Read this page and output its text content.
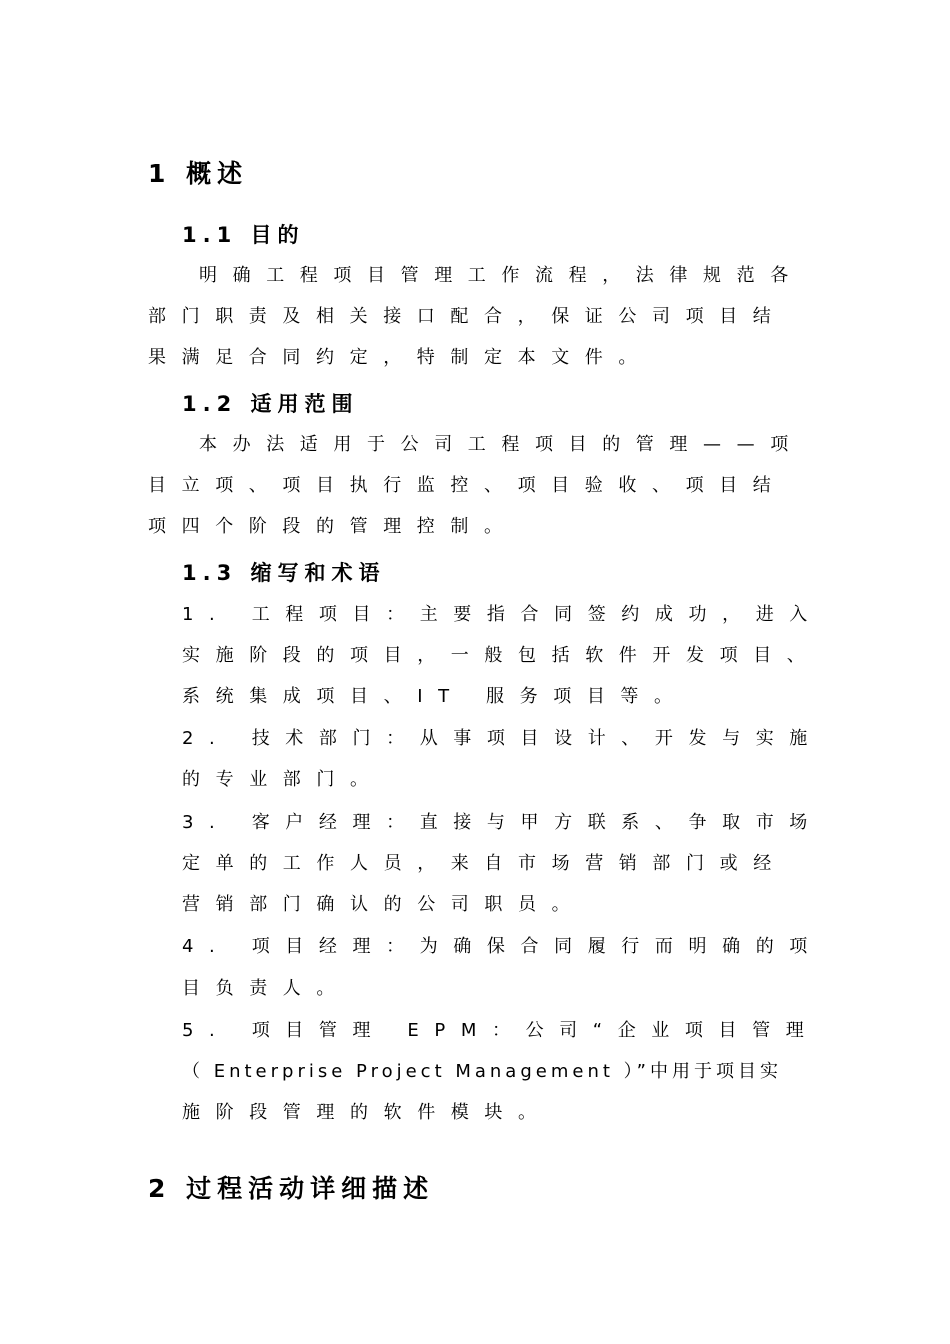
1 概述
1.1 目的
明确工程项目管理工作流程，法律规范各
部门职责及相关接口配合，保证公司项目结
果满足合同约定，特制定本文件。
1.2 适用范围
本办法适用于公司工程项目的管理——项
目立项、项目执行监控、项目验收、项目结
项四个阶段的管理控制。
1.3 缩写和术语
1. 工程项目：主要指合同签约成功，进入
实施阶段的项目，一般包括软件开发项目、
系统集成项目、IT 服务项目等。
2. 技术部门：从事项目设计、开发与实施
的专业部门。
3. 客户经理：直接与甲方联系、争取市场
定单的工作人员，来自市场营销部门或经
营销部门确认的公司职员。
4. 项目经理：为确保合同履行而明确的项
目负责人。
5. 项目管理 EPM：公司“企业项目管理
（ Enterprise Project Management ）”中用于项目实
施阶段管理的软件模块。
2 过程活动详细描述
